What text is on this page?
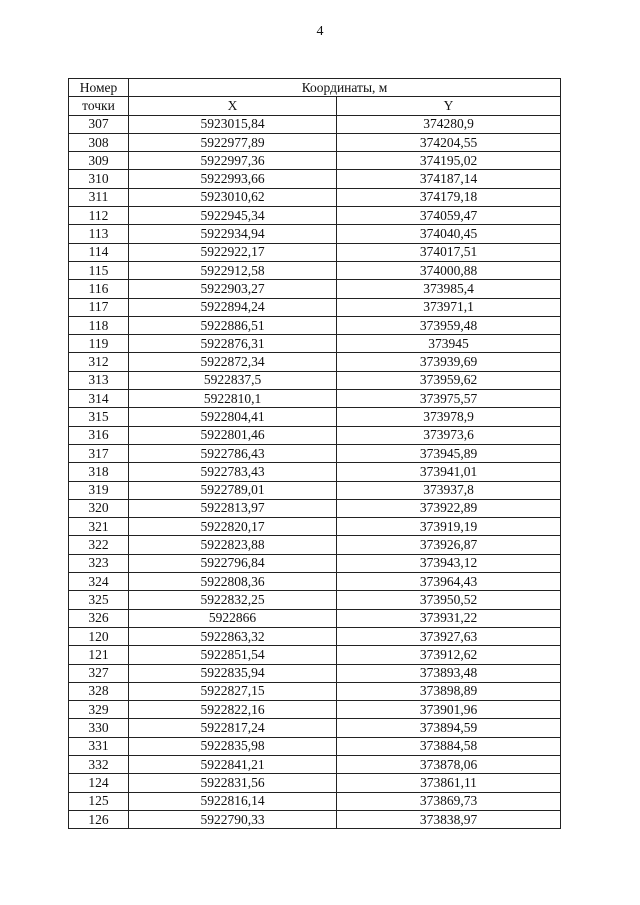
4
Номер	Координаты, м	
точки	X	Y
307	5923015,84	374280,9
308	5922977,89	374204,55
309	5922997,36	374195,02
310	5922993,66	374187,14
311	5923010,62	374179,18
112	5922945,34	374059,47
113	5922934,94	374040,45
114	5922922,17	374017,51
115	5922912,58	374000,88
116	5922903,27	373985,4
117	5922894,24	373971,1
118	5922886,51	373959,48
119	5922876,31	373945
312	5922872,34	373939,69
313	5922837,5	373959,62
314	5922810,1	373975,57
315	5922804,41	373978,9
316	5922801,46	373973,6
317	5922786,43	373945,89
318	5922783,43	373941,01
319	5922789,01	373937,8
320	5922813,97	373922,89
321	5922820,17	373919,19
322	5922823,88	373926,87
323	5922796,84	373943,12
324	5922808,36	373964,43
325	5922832,25	373950,52
326	5922866	373931,22
120	5922863,32	373927,63
121	5922851,54	373912,62
327	5922835,94	373893,48
328	5922827,15	373898,89
329	5922822,16	373901,96
330	5922817,24	373894,59
331	5922835,98	373884,58
332	5922841,21	373878,06
124	5922831,56	373861,11
125	5922816,14	373869,73
126	5922790,33	373838,97
